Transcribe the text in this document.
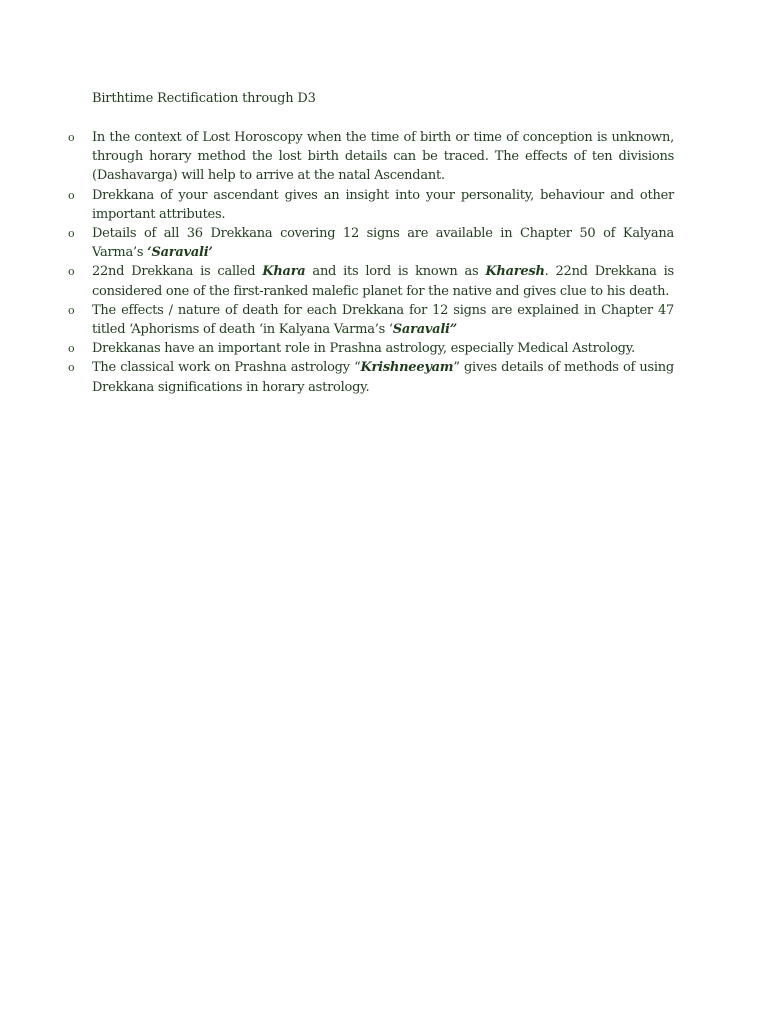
Birthtime Rectification through D3
o In the context of Lost Horoscopy when the time of birth or time of conception is unknown, through horary method the lost birth details can be traced. The effects of ten divisions (Dashavarga) will help to arrive at the natal Ascendant.
o Drekkana of your ascendant gives an insight into your personality, behaviour and other important attributes.
o Details of all 36 Drekkana covering 12 signs are available in Chapter 50 of Kalyana Varma’s ‘Saravali’
o 22nd Drekkana is called Khara and its lord is known as Kharesh. 22nd Drekkana is considered one of the first-ranked malefic planet for the native and gives clue to his death.
o The effects / nature of death for each Drekkana for 12 signs are explained in Chapter 47 titled ‘Aphorisms of death ‘in Kalyana Varma’s ‘Saravali”
o Drekkanas have an important role in Prashna astrology, especially Medical Astrology.
o The classical work on Prashna astrology “Krishneeyam” gives details of methods of using Drekkana significations in horary astrology.
